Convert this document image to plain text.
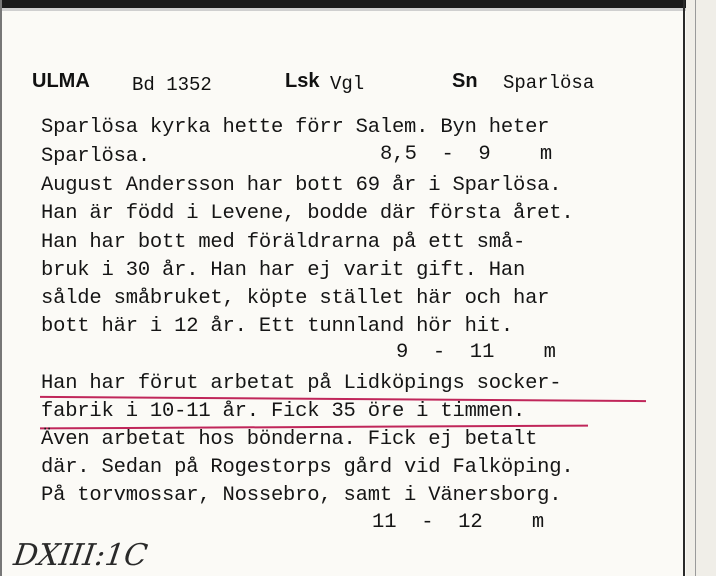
ULMA Bd 1352	Lsk Vgl	Sn Sparlösa
Sparlösa kyrka hette förr Salem. Byn heter
Sparlösa.	8,5  -  9    m
August Andersson har bott 69 år i Sparlösa.
Han är född i Levene, bodde där första året.
Han har bott med föräldrarna på ett små-
bruk i 30 år. Han har ej varit gift. Han
sålde småbruket, köpte stället här och har
bott här i 12 år. Ett tunnland hör hit.
9  -  11    m
Han har förut arbetat på Lidköpings socker-
fabrik i 10-11 år. Fick 35 öre i timmen.
Även arbetat hos bönderna. Fick ej betalt
där. Sedan på Rogestorps gård vid Falköping.
På torvmossar, Nossebro, samt i Vänersborg.
11  -  12    m
DXIII:1C
